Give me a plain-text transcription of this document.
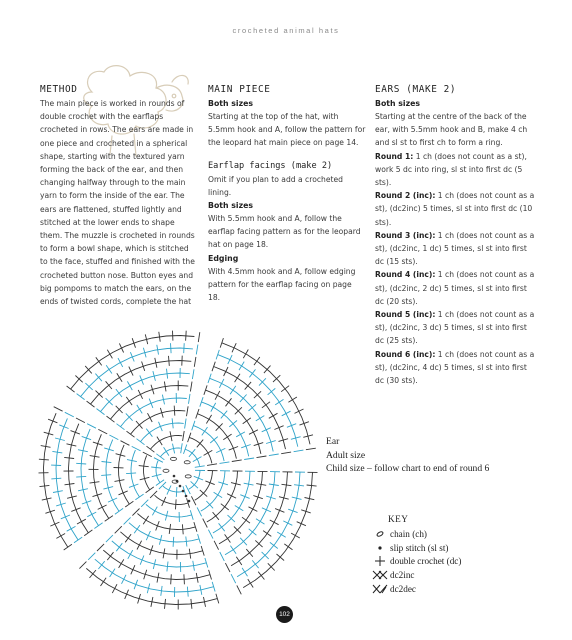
crocheted animal hats
METHOD
The main piece is worked in rounds of double crochet with the earflaps crocheted in rows. The ears are made in one piece and crocheted in a spherical shape, starting with the textured yarn forming the back of the ear, and then changing halfway through to the main yarn to form the inside of the ear. The ears are flattened, stuffed lightly and stitched at the lower ends to shape them. The muzzle is crocheted in rounds to form a bowl shape, which is stitched to the face, stuffed and finished with the crocheted button nose. Button eyes and big pompoms to match the ears, on the ends of twisted cords, complete the hat
MAIN PIECE
Both sizes
Starting at the top of the hat, with 5.5mm hook and A, follow the pattern for the leopard hat main piece on page 14.
Earflap facings (make 2)
Omit if you plan to add a crocheted lining.
Both sizes
With 5.5mm hook and A, follow the earflap facing pattern as for the leopard hat on page 18.
Edging
With 4.5mm hook and A, follow edging pattern for the earflap facing on page 18.
EARS (MAKE 2)
Both sizes
Starting at the centre of the back of the ear, with 5.5mm hook and B, make 4 ch and sl st to first ch to form a ring.
Round 1: 1 ch (does not count as a st), work 5 dc into ring, sl st into first dc (5 sts).
Round 2 (inc): 1 ch (does not count as a st), (dc2inc) 5 times, sl st into first dc (10 sts).
Round 3 (inc): 1 ch (does not count as a st), (dc2inc, 1 dc) 5 times, sl st into first dc (15 sts).
Round 4 (inc): 1 ch (does not count as a st), (dc2inc, 2 dc) 5 times, sl st into first dc (20 sts).
Round 5 (inc): 1 ch (does not count as a st), (dc2inc, 3 dc) 5 times, sl st into first dc (25 sts).
Round 6 (inc): 1 ch (does not count as a st), (dc2inc, 4 dc) 5 times, sl st into first dc (30 sts).
Ear
Adult size
Child size – follow chart to end of round 6
KEY
chain (ch)
slip stitch (sl st)
double crochet (dc)
dc2inc
dc2dec
102
